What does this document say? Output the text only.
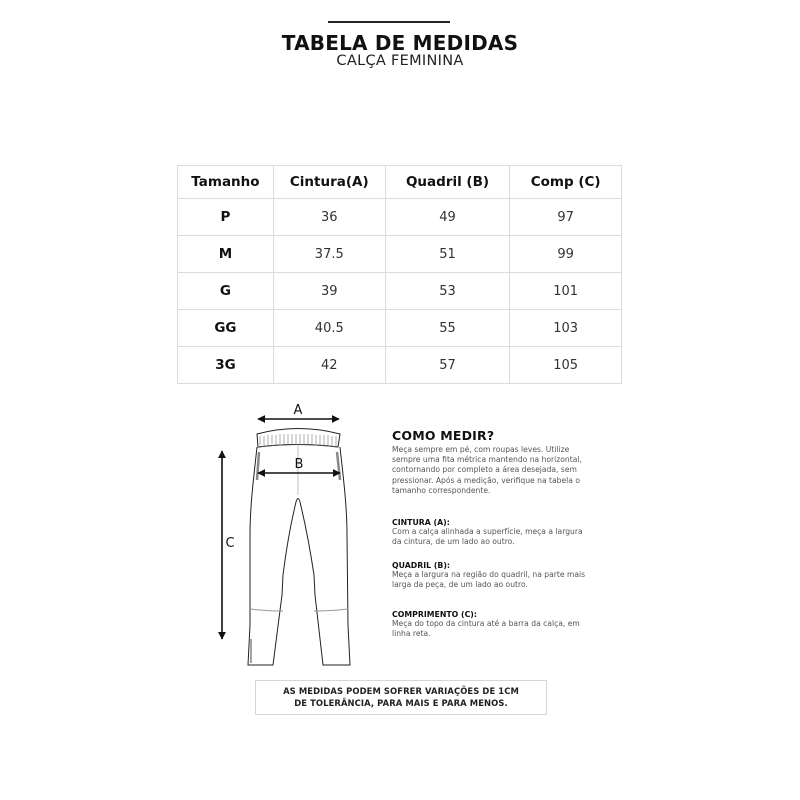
TABELA DE MEDIDAS
CALÇA FEMININA
Tamanho	Cintura(A)	Quadril (B)	Comp (C)
P	36	49	97
M	37.5	51	99
G	39	53	101
GG	40.5	55	103
3G	42	57	105
A
C
B
COMO MEDIR?

Meça sempre em pé, com roupas leves. Utilize sempre uma fita métrica mantendo na horizontal, contornando por completo a área desejada, sem pressionar. Após a medição, verifique na tabela o tamanho correspondente.

CINTURA (A):

Com a calça alinhada a superfície, meça a largura da cintura, de um lado ao outro.

QUADRIL (B):

Meça a largura na região do quadril, na parte mais larga da peça, de um lado ao outro.

COMPRIMENTO (C):

Meça do topo da cintura até a barra da calça, em linha reta.

AS MEDIDAS PODEM SOFRER VARIAÇÕES DE 1CM
DE TOLERÂNCIA, PARA MAIS E PARA MENOS.
